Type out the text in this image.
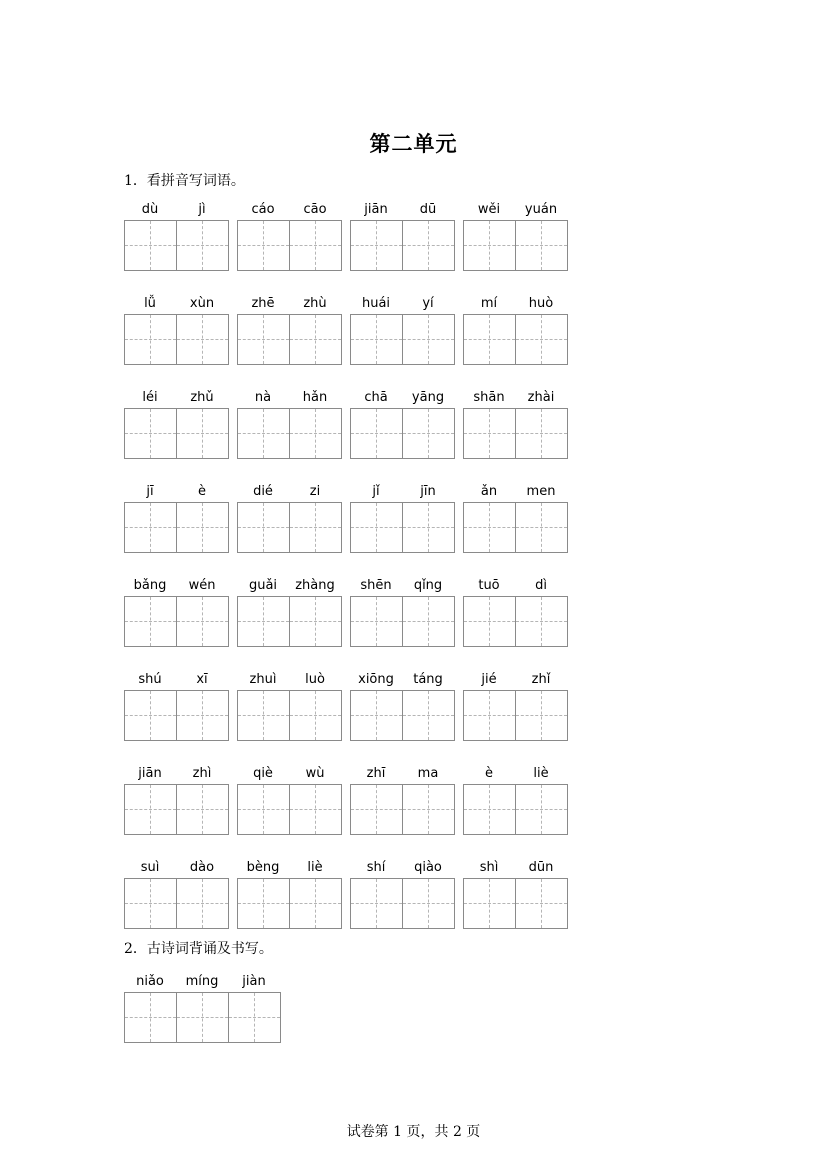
第二单元
1．看拼音写词语。
dù	jì	cáo	cāo	jiān	dū	wěi	yuán
lǚ	xùn	zhē	zhù	huái	yí	mí	huò
léi	zhǔ	nà	hǎn	chā	yāng	shān	zhài
jī	è	dié	zi	jǐ	jīn	ǎn	men
bǎng	wén	guǎi	zhàng	shēn	qǐng	tuō	dì
shú	xī	zhuì	luò	xiōng	táng	jié	zhǐ
jiān	zhì	qiè	wù	zhī	ma	è	liè
suì	dào	bèng	liè	shí	qiào	shì	dūn
2．古诗词背诵及书写。
niǎo	míng	jiàn
试卷第 1 页，共 2 页
